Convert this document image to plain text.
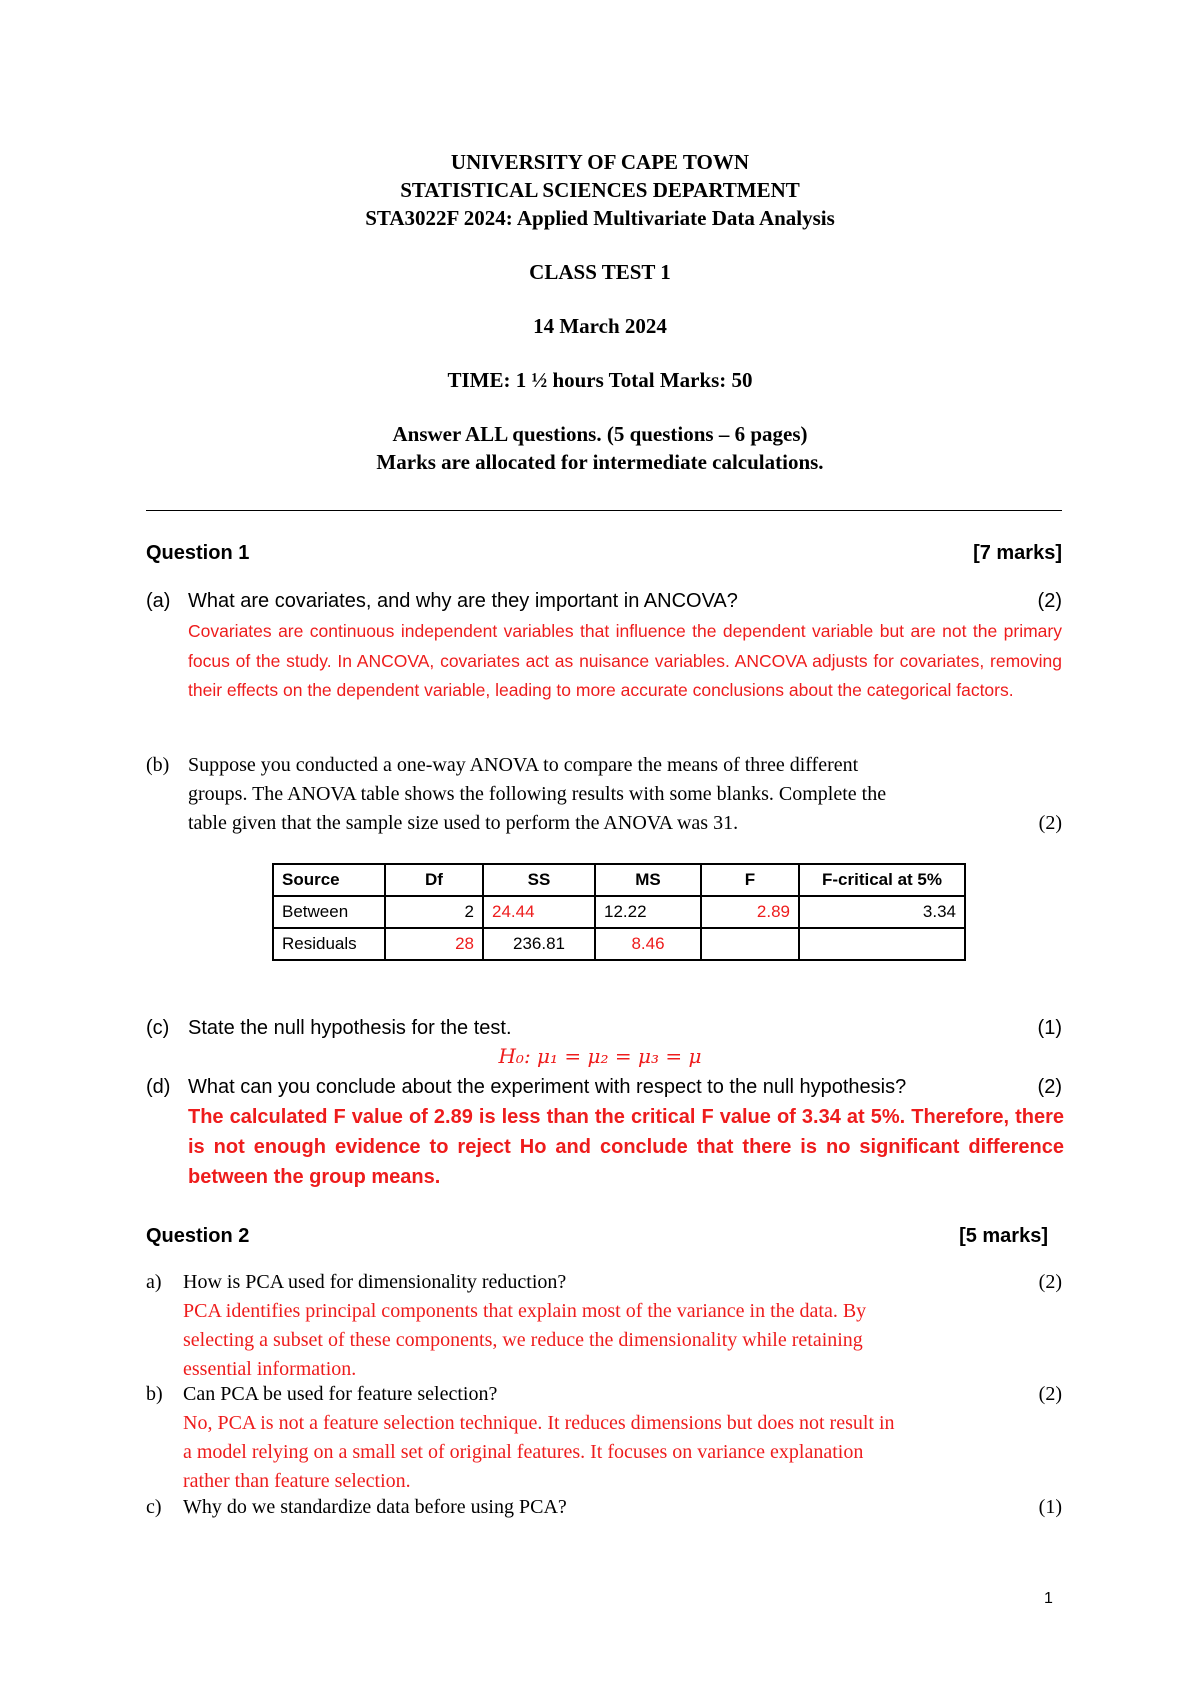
UNIVERSITY OF CAPE TOWN
STATISTICAL SCIENCES DEPARTMENT
STA3022F 2024: Applied Multivariate Data Analysis
CLASS TEST 1
14 March 2024
TIME: 1 ½ hours Total Marks: 50
Answer ALL questions. (5 questions – 6 pages)
Marks are allocated for intermediate calculations.
Question 1	[7 marks]
(a) What are covariates, and why are they important in ANCOVA?	(2)
Covariates are continuous independent variables that influence the dependent variable but are not the primary focus of the study. In ANCOVA, covariates act as nuisance variables. ANCOVA adjusts for covariates, removing their effects on the dependent variable, leading to more accurate conclusions about the categorical factors.
(b) Suppose you conducted a one-way ANOVA to compare the means of three different
groups. The ANOVA table shows the following results with some blanks. Complete the
table given that the sample size used to perform the ANOVA was 31.	(2)
Source	Df	SS	MS	F	F-critical at 5%
Between	2	24.44	12.22	2.89	3.34
Residuals	28	236.81	8.46		
(c) State the null hypothesis for the test.	(1)
H₀: μ₁ = μ₂ = μ₃ = μ
(d) What can you conclude about the experiment with respect to the null hypothesis?	(2)
The calculated F value of 2.89 is less than the critical F value of 3.34 at 5%. Therefore, there is not enough evidence to reject Ho and conclude that there is no significant difference between the group means.
Question 2	[5 marks]
a) How is PCA used for dimensionality reduction?	(2)
PCA identifies principal components that explain most of the variance in the data. By
selecting a subset of these components, we reduce the dimensionality while retaining
essential information.
b) Can PCA be used for feature selection?	(2)
No, PCA is not a feature selection technique. It reduces dimensions but does not result in
a model relying on a small set of original features. It focuses on variance explanation
rather than feature selection.
c) Why do we standardize data before using PCA?	(1)
1
